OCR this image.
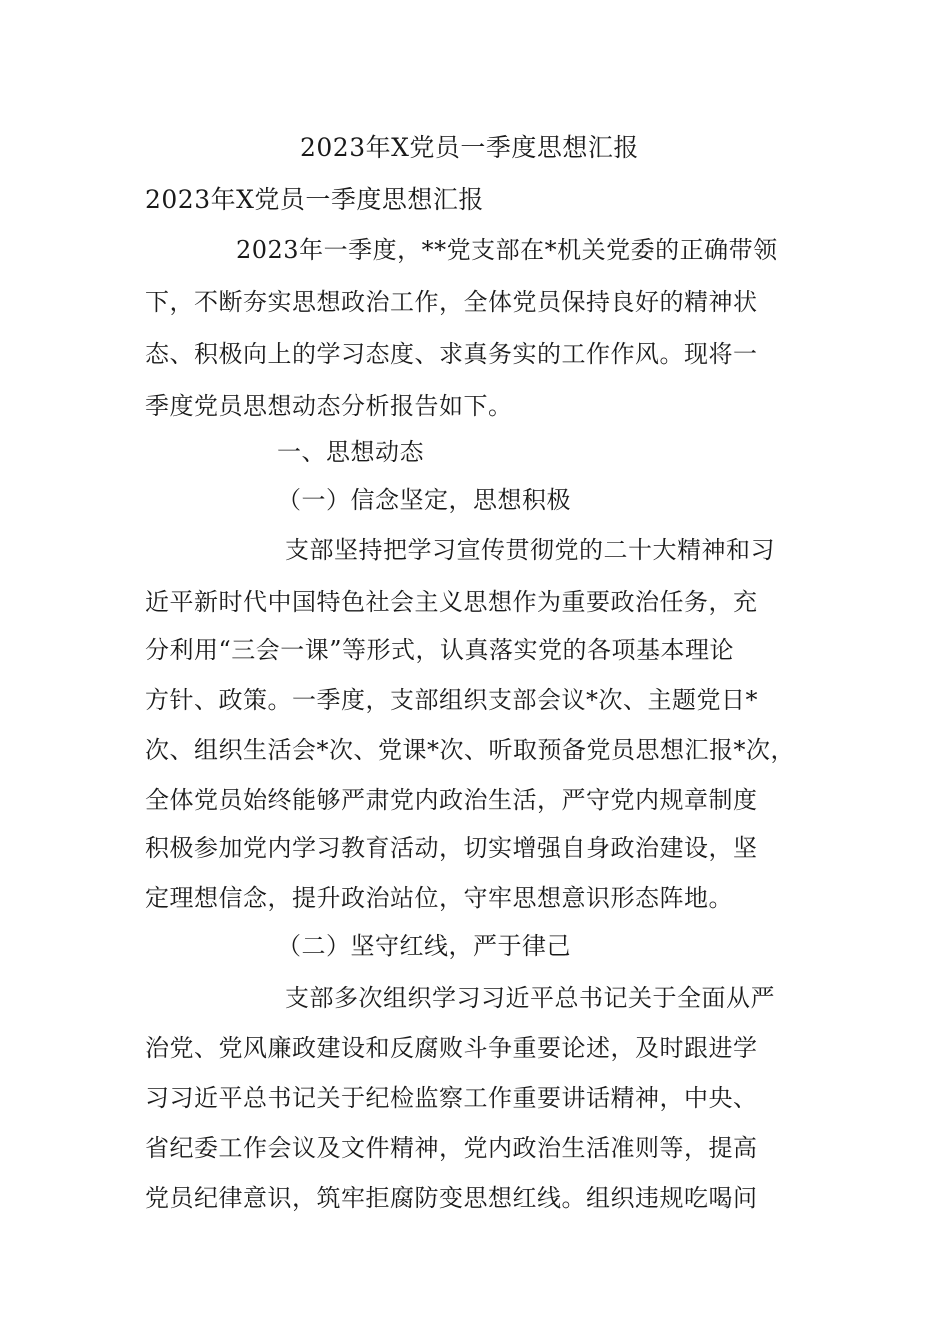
2023年X党员一季度思想汇报
2023年X党员一季度思想汇报
2023年一季度，**党支部在*机关党委的正确带领
下，不断夯实思想政治工作，全体党员保持良好的精神状
态、积极向上的学习态度、求真务实的工作作风。现将一
季度党员思想动态分析报告如下。
一、思想动态
（一）信念坚定，思想积极
支部坚持把学习宣传贯彻党的二十大精神和习
近平新时代中国特色社会主义思想作为重要政治任务，充
分利用“三会一课”等形式，认真落实党的各项基本理论
方针、政策。一季度，支部组织支部会议*次、主题党日*
次、组织生活会*次、党课*次、听取预备党员思想汇报*次，
全体党员始终能够严肃党内政治生活，严守党内规章制度
积极参加党内学习教育活动，切实增强自身政治建设，坚
定理想信念，提升政治站位，守牢思想意识形态阵地。
（二）坚守红线，严于律己
支部多次组织学习习近平总书记关于全面从严
治党、党风廉政建设和反腐败斗争重要论述，及时跟进学
习习近平总书记关于纪检监察工作重要讲话精神，中央、
省纪委工作会议及文件精神，党内政治生活准则等，提高
党员纪律意识，筑牢拒腐防变思想红线。组织违规吃喝问
